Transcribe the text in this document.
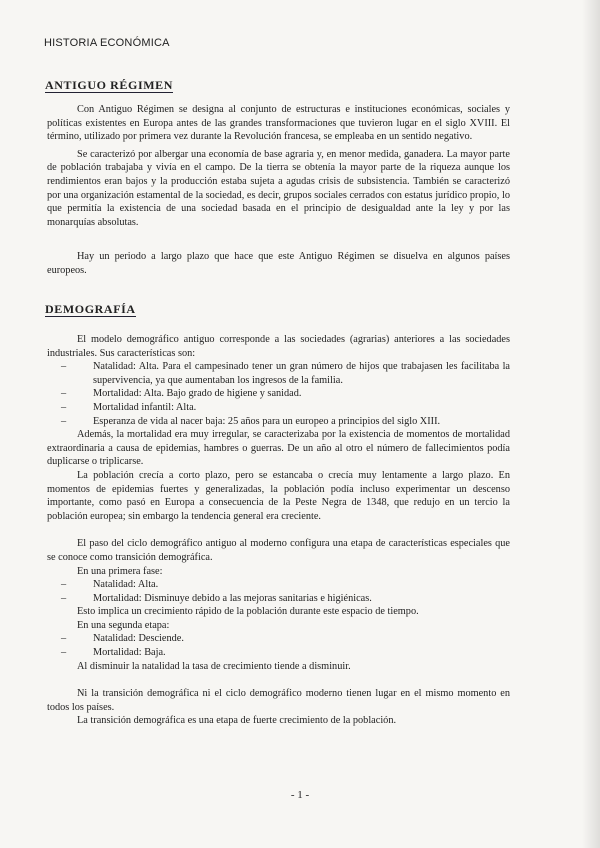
HISTORIA ECONÓMICA
ANTIGUO RÉGIMEN

Con Antiguo Régimen se designa al conjunto de estructuras e instituciones económicas, sociales y políticas existentes en Europa antes de las grandes transformaciones que tuvieron lugar en el siglo XVIII. El término, utilizado por primera vez durante la Revolución francesa, se empleaba en un sentido negativo.

Se caracterizó por albergar una economía de base agraria y, en menor medida, ganadera. La mayor parte de población trabajaba y vivía en el campo. De la tierra se obtenía la mayor parte de la riqueza aunque los rendimientos eran bajos y la producción estaba sujeta a agudas crisis de subsistencia. También se caracterizó por una organización estamental de la sociedad, es decir, grupos sociales cerrados con estatus jurídico propio, lo que permitía la existencia de una sociedad basada en el principio de desigualdad ante la ley y por las monarquías absolutas.

Hay un periodo a largo plazo que hace que este Antiguo Régimen se disuelva en algunos países europeos.

DEMOGRAFÍA

El modelo demográfico antiguo corresponde a las sociedades (agrarias) anteriores a las sociedades industriales. Sus características son:

–	Natalidad: Alta. Para el campesinado tener un gran número de hijos que trabajasen les facilitaba la supervivencia, ya que aumentaban los ingresos de la familia.
–	Mortalidad: Alta. Bajo grado de higiene y sanidad.
–	Mortalidad infantil: Alta.
–	Esperanza de vida al nacer baja: 25 años para un europeo a principios del siglo XIII.

Además, la mortalidad era muy irregular, se caracterizaba por la existencia de momentos de mortalidad extraordinaria a causa de epidemias, hambres o guerras. De un año al otro el número de fallecimientos podía duplicarse o triplicarse.

La población crecía a corto plazo, pero se estancaba o crecía muy lentamente a largo plazo. En momentos de epidemias fuertes y generalizadas, la población podía incluso experimentar un descenso importante, como pasó en Europa a consecuencia de la Peste Negra de 1348, que redujo en un tercio la población europea; sin embargo la tendencia general era creciente.

El paso del ciclo demográfico antiguo al moderno configura una etapa de características especiales que se conoce como transición demográfica.

En una primera fase:

–	Natalidad: Alta.
–	Mortalidad: Disminuye debido a las mejoras sanitarias e higiénicas.

Esto implica un crecimiento rápido de la población durante este espacio de tiempo.

En una segunda etapa:

–	Natalidad: Desciende.
–	Mortalidad: Baja.

Al disminuir la natalidad la tasa de crecimiento tiende a disminuir.

Ni la transición demográfica ni el ciclo demográfico moderno tienen lugar en el mismo momento en todos los países.

La transición demográfica es una etapa de fuerte crecimiento de la población.

- 1 -
